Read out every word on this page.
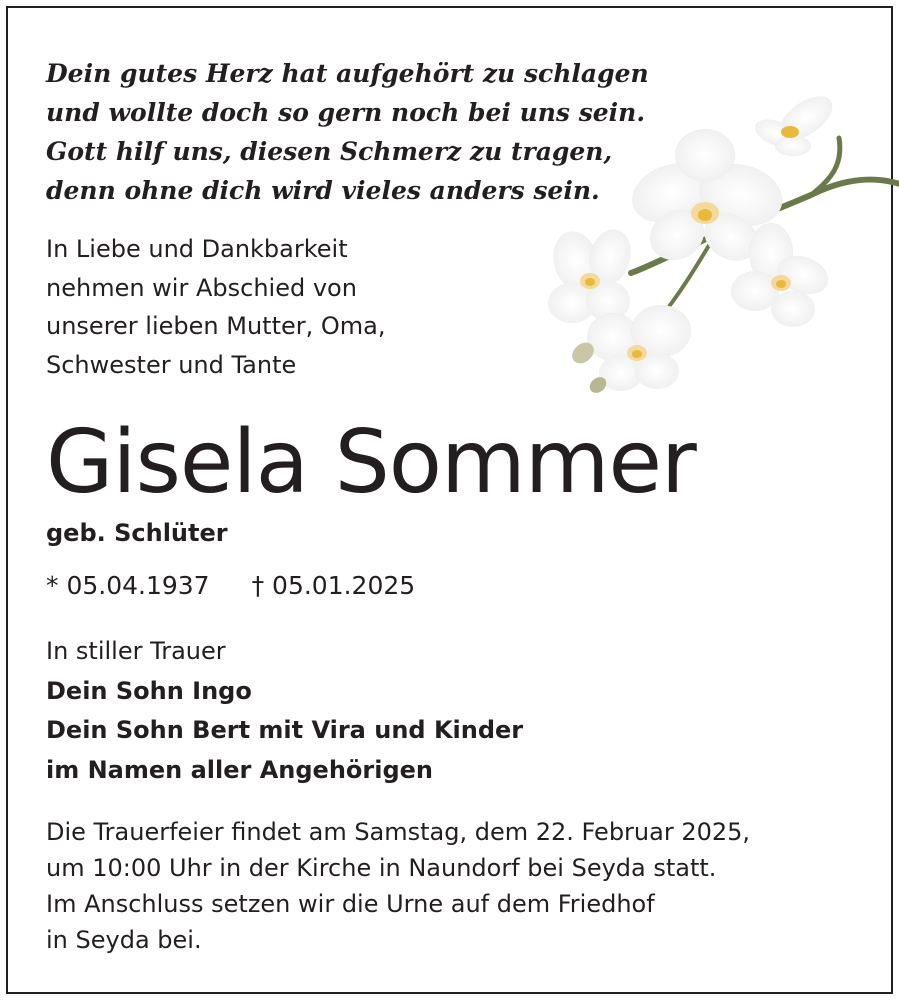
Dein gutes Herz hat aufgehört zu schlagen
und wollte doch so gern noch bei uns sein.
Gott hilf uns, diesen Schmerz zu tragen,
denn ohne dich wird vieles anders sein.
In Liebe und Dankbarkeit
nehmen wir Abschied von
unserer lieben Mutter, Oma,
Schwester und Tante
Gisela Sommer
geb. Schlüter
* 05.04.1937 † 05.01.2025
In stiller Trauer
Dein Sohn Ingo
Dein Sohn Bert mit Vira und Kinder
im Namen aller Angehörigen
Die Trauerfeier findet am Samstag, dem 22. Februar 2025,
um 10:00 Uhr in der Kirche in Naundorf bei Seyda statt.
Im Anschluss setzen wir die Urne auf dem Friedhof
in Seyda bei.
